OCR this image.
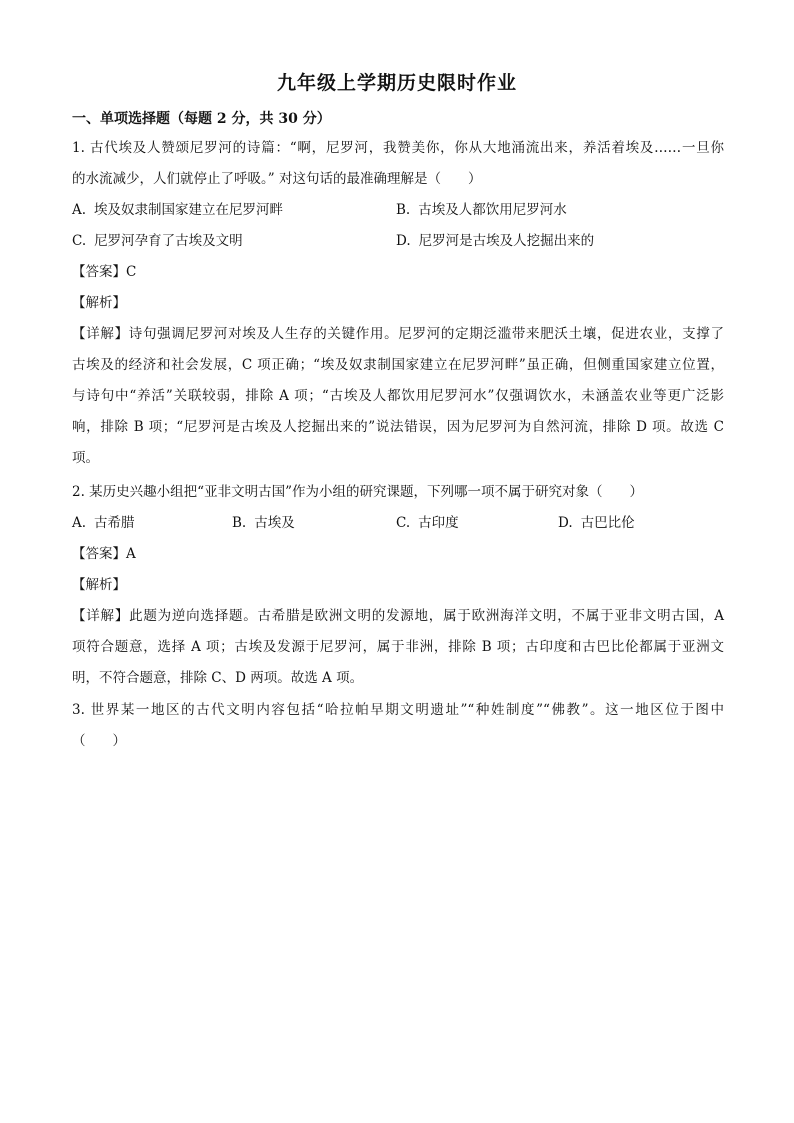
九年级上学期历史限时作业
一、单项选择题（每题 2 分，共 30 分）
1. 古代埃及人赞颂尼罗河的诗篇：“啊，尼罗河，我赞美你，你从大地涌流出来，养活着埃及……一旦你
的水流减少，人们就停止了呼吸。” 对这句话的最准确理解是（　　）
A. 埃及奴隶制国家建立在尼罗河畔	B. 古埃及人都饮用尼罗河水
C. 尼罗河孕育了古埃及文明	D. 尼罗河是古埃及人挖掘出来的
【答案】C
【解析】
【详解】诗句强调尼罗河对埃及人生存的关键作用。尼罗河的定期泛滥带来肥沃土壤，促进农业，支撑了
古埃及的经济和社会发展，C 项正确；“埃及奴隶制国家建立在尼罗河畔”虽正确，但侧重国家建立位置，
与诗句中“养活”关联较弱，排除 A 项；“古埃及人都饮用尼罗河水”仅强调饮水，未涵盖农业等更广泛影
响，排除 B 项；“尼罗河是古埃及人挖掘出来的”说法错误，因为尼罗河为自然河流，排除 D 项。故选 C
项。
2. 某历史兴趣小组把“亚非文明古国”作为小组的研究课题，下列哪一项不属于研究对象（　　）
A. 古希腊	B. 古埃及	C. 古印度	D. 古巴比伦
【答案】A
【解析】
【详解】此题为逆向选择题。古希腊是欧洲文明的发源地，属于欧洲海洋文明，不属于亚非文明古国，A
项符合题意，选择 A 项；古埃及发源于尼罗河，属于非洲，排除 B 项；古印度和古巴比伦都属于亚洲文
明，不符合题意，排除 C、D 两项。故选 A 项。
3. 世界某一地区的古代文明内容包括“哈拉帕早期文明遗址”“种姓制度”“佛教”。这一地区位于图中
（　　）
